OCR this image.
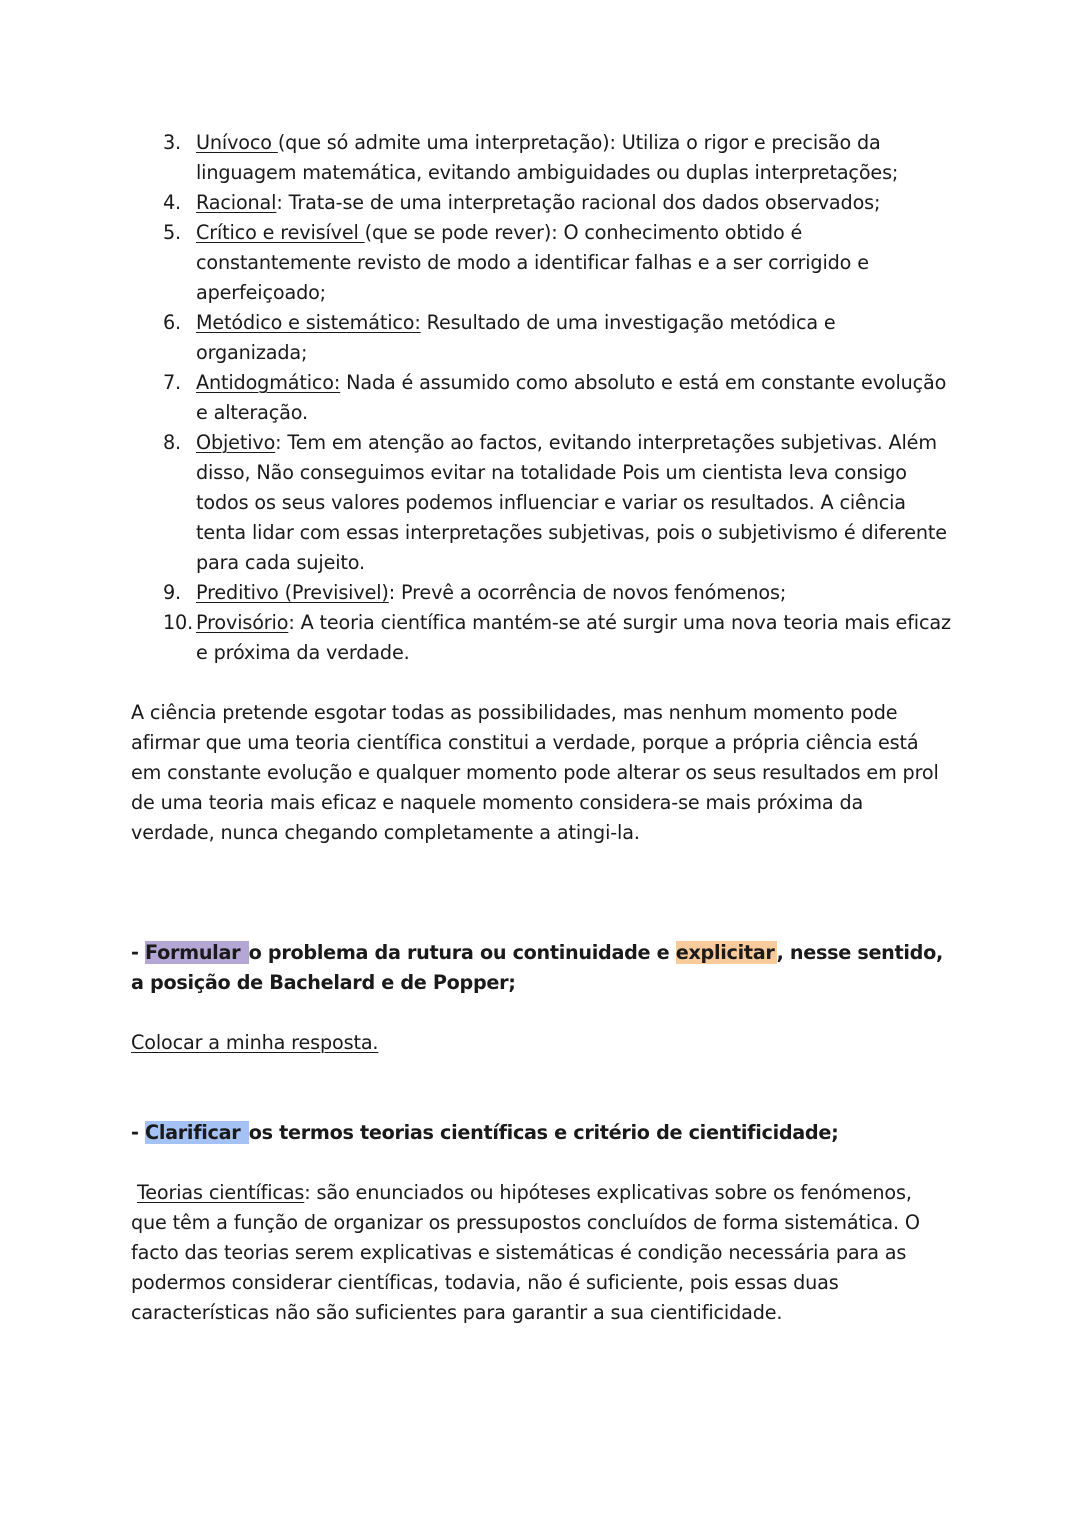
3. Unívoco (que só admite uma interpretação): Utiliza o rigor e precisão da linguagem matemática, evitando ambiguidades ou duplas interpretações;
4. Racional: Trata-se de uma interpretação racional dos dados observados;
5. Crítico e revisível (que se pode rever): O conhecimento obtido é constantemente revisto de modo a identificar falhas e a ser corrigido e aperfeiçoado;
6. Metódico e sistemático: Resultado de uma investigação metódica e organizada;
7. Antidogmático: Nada é assumido como absoluto e está em constante evolução e alteração.
8. Objetivo: Tem em atenção ao factos, evitando interpretações subjetivas. Além disso, Não conseguimos evitar na totalidade Pois um cientista leva consigo todos os seus valores podemos influenciar e variar os resultados. A ciência tenta lidar com essas interpretações subjetivas, pois o subjetivismo é diferente para cada sujeito.
9. Preditivo (Previsivel): Prevê a ocorrência de novos fenómenos;
10. Provisório: A teoria científica mantém-se até surgir uma nova teoria mais eficaz e próxima da verdade.

A ciência pretende esgotar todas as possibilidades, mas nenhum momento pode afirmar que uma teoria científica constitui a verdade, porque a própria ciência está em constante evolução e qualquer momento pode alterar os seus resultados em prol de uma teoria mais eficaz e naquele momento considera-se mais próxima da verdade, nunca chegando completamente a atingi-la.

- Formular o problema da rutura ou continuidade e explicitar , nesse sentido, a posição de Bachelard e de Popper;

Colocar a minha resposta.

- Clarificar os termos teorias científicas e critério de cientificidade;

Teorias científicas: são enunciados ou hipóteses explicativas sobre os fenómenos, que têm a função de organizar os pressupostos concluídos de forma sistemática. O facto das teorias serem explicativas e sistemáticas é condição necessária para as podermos considerar científicas, todavia, não é suficiente, pois essas duas características não são suficientes para garantir a sua cientificidade.
